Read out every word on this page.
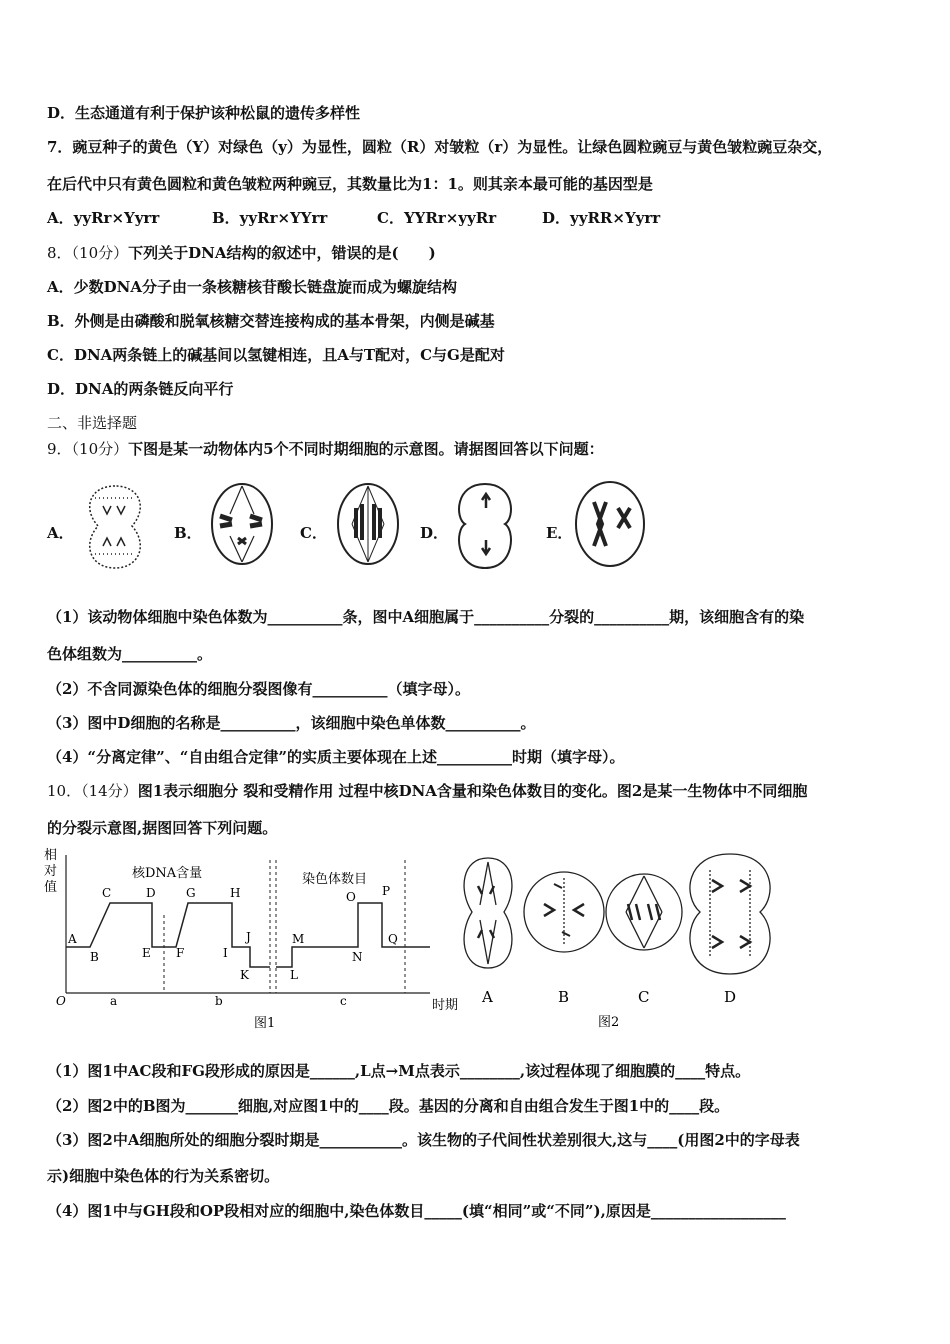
D．生态通道有利于保护该种松鼠的遗传多样性
7．豌豆种子的黄色（Y）对绿色（y）为显性，圆粒（R）对皱粒（r）为显性。让绿色圆粒豌豆与黄色皱粒豌豆杂交，
在后代中只有黄色圆粒和黄色皱粒两种豌豆，其数量比为1：1。则其亲本最可能的基因型是
A．yyRr×Yyrr	B．yyRr×YYrr	C．YYRr×yyRr	D．yyRR×Yyrr
8．（10分）下列关于DNA结构的叙述中，错误的是(　　)
A．少数DNA分子由一条核糖核苷酸长链盘旋而成为螺旋结构
B．外侧是由磷酸和脱氧核糖交替连接构成的基本骨架，内侧是碱基
C．DNA两条链上的碱基间以氢键相连，且A与T配对，C与G是配对
D．DNA的两条链反向平行
二、非选择题
9．（10分）下图是某一动物体内5个不同时期细胞的示意图。请据图回答以下问题：
A．	B．	C．	D．	E．
（1）该动物体细胞中染色体数为__________条，图中A细胞属于__________分裂的__________期，该细胞含有的染
色体组数为__________。
（2）不含同源染色体的细胞分裂图像有__________（填字母）。
（3）图中D细胞的名称是__________，该细胞中染色单体数__________。
（4）“分离定律”、“自由组合定律”的实质主要体现在上述__________时期（填字母）。
10．（14分）图1表示细胞分 裂和受精作用 过程中核DNA含量和染色体数目的变化。图2是某一生物体中不同细胞
的分裂示意图,据图回答下列问题。
相
对
值
O	时期
核DNA含量	染色体数目
A
B
C	D
E F
G	H
I
J
K	L
M
N
O P
Q
a	b	c
图1
A	B	C	D
图2
（1）图1中AC段和FG段形成的原因是______,L点→M点表示________,该过程体现了细胞膜的____特点。
（2）图2中的B图为_______细胞,对应图1中的____段。基因的分离和自由组合发生于图1中的____段。
（3）图2中A细胞所处的细胞分裂时期是___________。该生物的子代间性状差别很大,这与____(用图2中的字母表
示)细胞中染色体的行为关系密切。
（4）图1中与GH段和OP段相对应的细胞中,染色体数目_____(填“相同”或“不同”),原因是__________________
